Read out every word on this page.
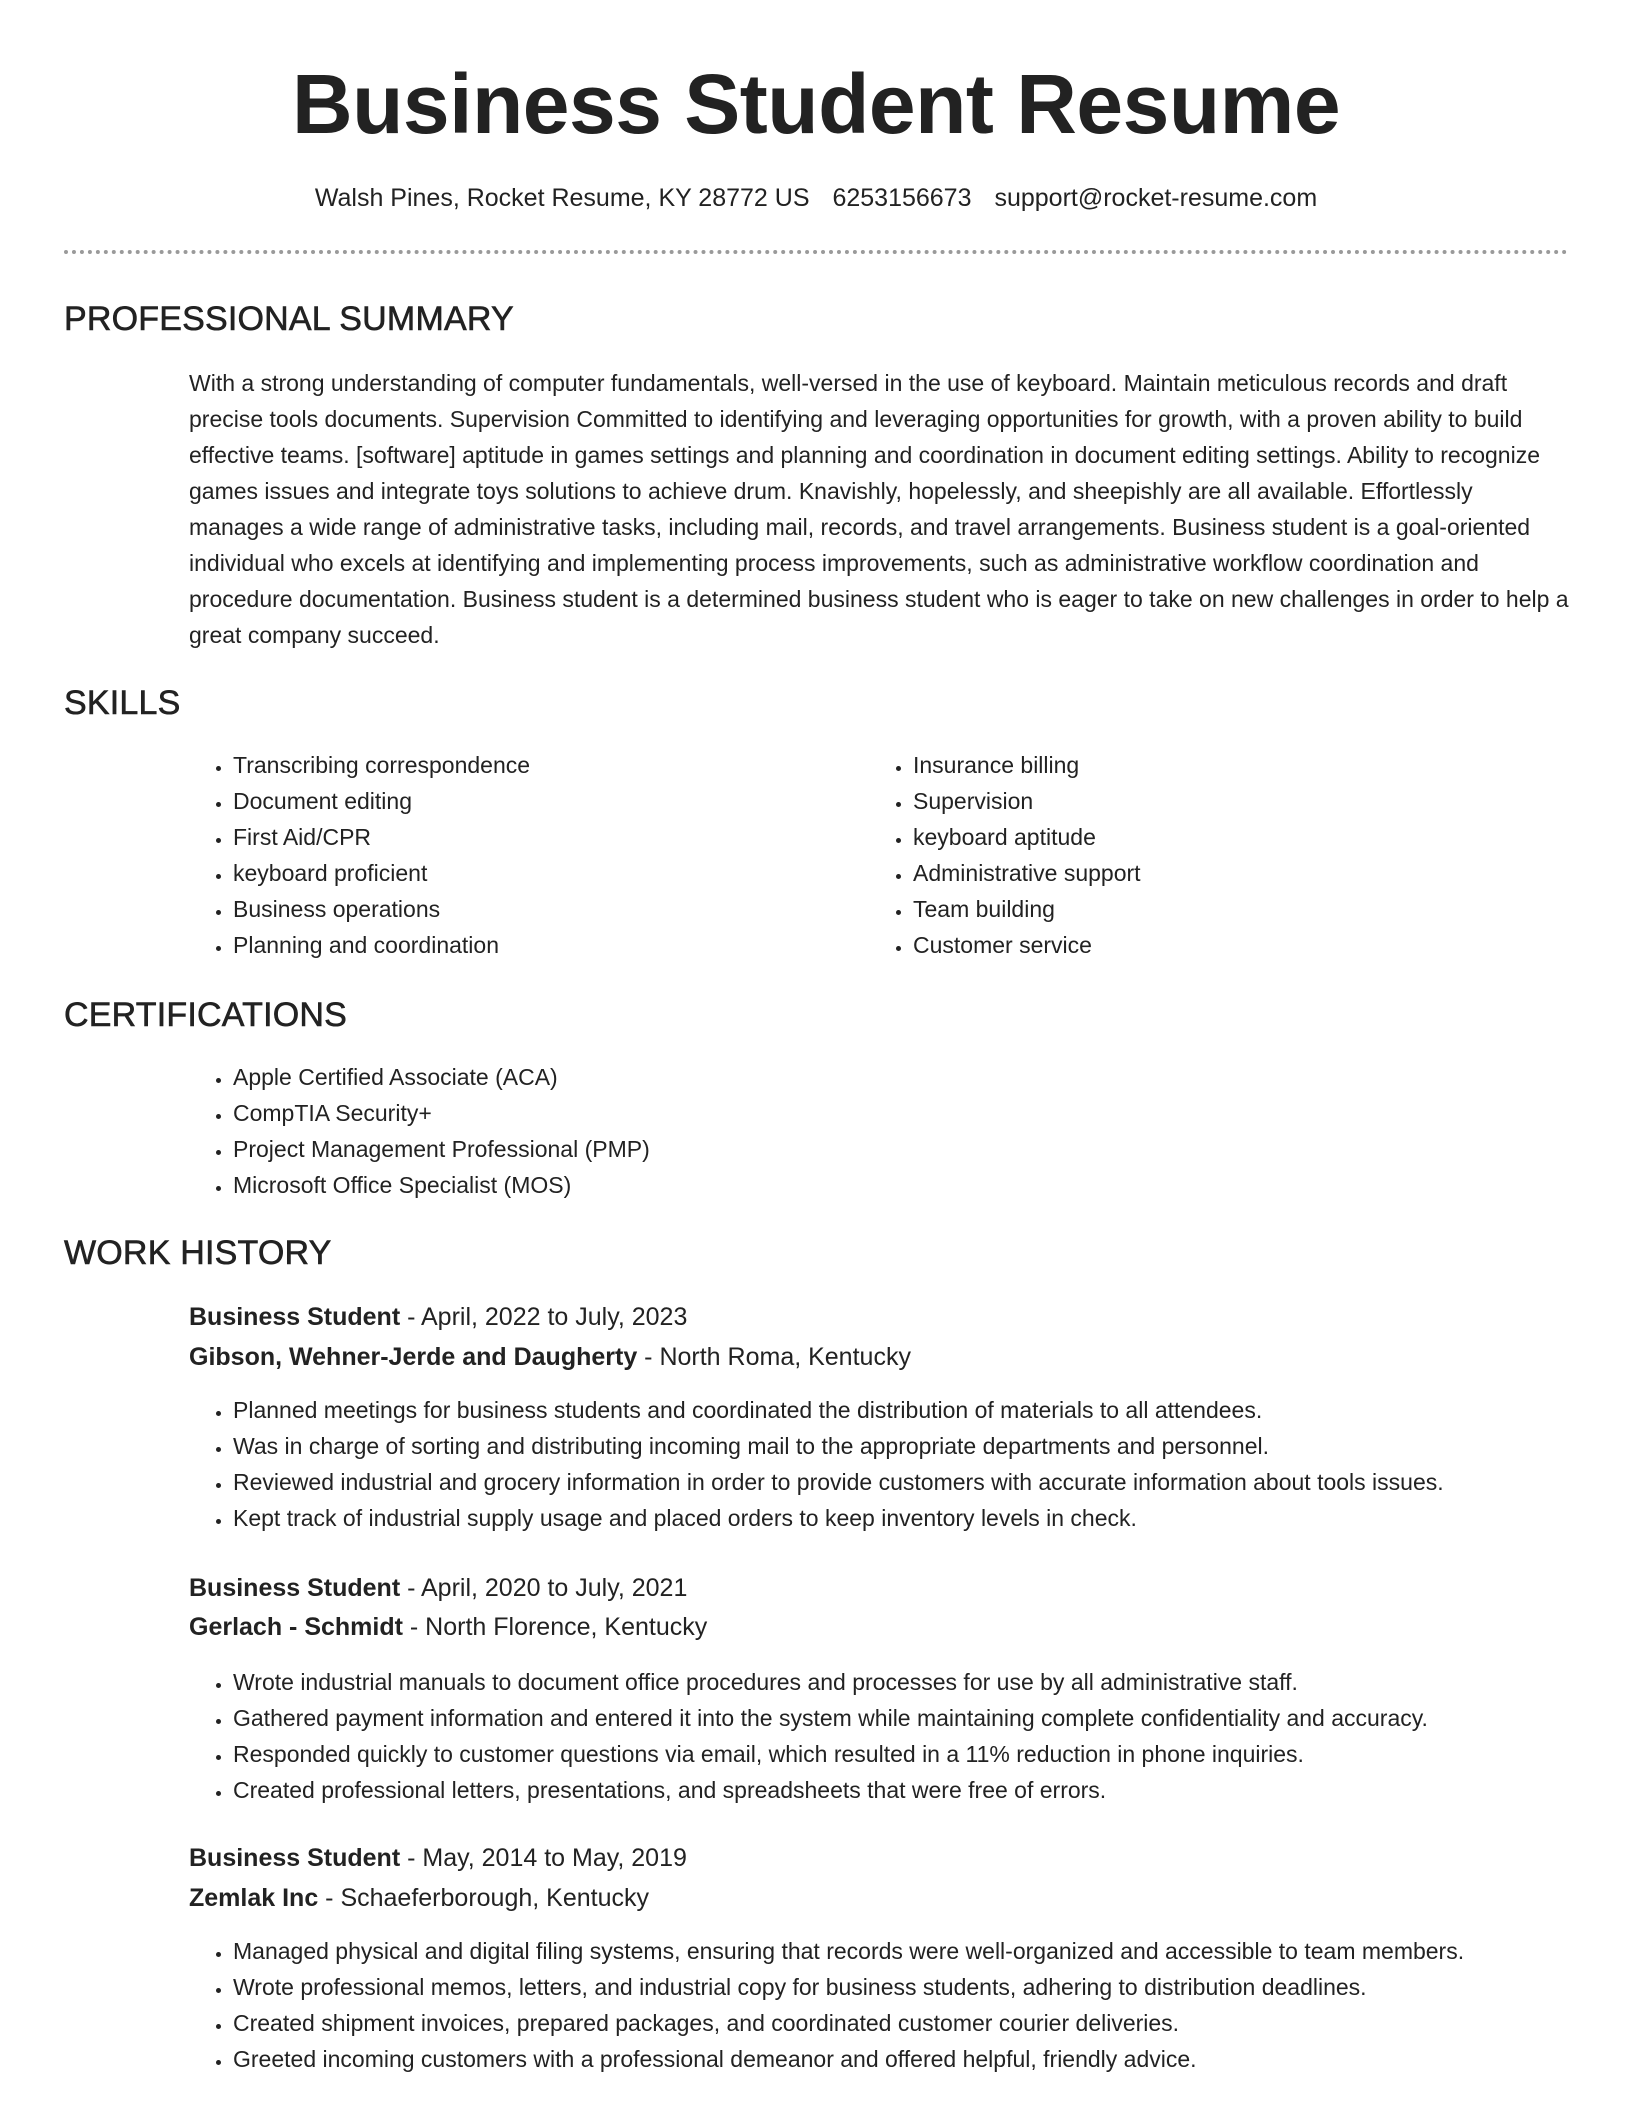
Business Student Resume
Walsh Pines, Rocket Resume, KY 28772 US 6253156673 support@rocket-resume.com
PROFESSIONAL SUMMARY

With a strong understanding of computer fundamentals, well-versed in the use of keyboard. Maintain meticulous records and draft precise tools documents. Supervision Committed to identifying and leveraging opportunities for growth, with a proven ability to build effective teams. [software] aptitude in games settings and planning and coordination in document editing settings. Ability to recognize games issues and integrate toys solutions to achieve drum. Knavishly, hopelessly, and sheepishly are all available. Effortlessly manages a wide range of administrative tasks, including mail, records, and travel arrangements. Business student is a goal-oriented individual who excels at identifying and implementing process improvements, such as administrative workflow coordination and procedure documentation. Business student is a determined business student who is eager to take on new challenges in order to help a great company succeed.

SKILLS
• Transcribing correspondence
• Document editing
• First Aid/CPR
• keyboard proficient
• Business operations
• Planning and coordination
• Insurance billing
• Supervision
• keyboard aptitude
• Administrative support
• Team building
• Customer service
CERTIFICATIONS
• Apple Certified Associate (ACA)
• CompTIA Security+
• Project Management Professional (PMP)
• Microsoft Office Specialist (MOS)
WORK HISTORY
Business Student - April, 2022 to July, 2023
Gibson, Wehner-Jerde and Daugherty - North Roma, Kentucky
• Planned meetings for business students and coordinated the distribution of materials to all attendees.
• Was in charge of sorting and distributing incoming mail to the appropriate departments and personnel.
• Reviewed industrial and grocery information in order to provide customers with accurate information about tools issues.
• Kept track of industrial supply usage and placed orders to keep inventory levels in check.
Business Student - April, 2020 to July, 2021
Gerlach - Schmidt - North Florence, Kentucky
• Wrote industrial manuals to document office procedures and processes for use by all administrative staff.
• Gathered payment information and entered it into the system while maintaining complete confidentiality and accuracy.
• Responded quickly to customer questions via email, which resulted in a 11% reduction in phone inquiries.
• Created professional letters, presentations, and spreadsheets that were free of errors.
Business Student - May, 2014 to May, 2019
Zemlak Inc - Schaeferborough, Kentucky
• Managed physical and digital filing systems, ensuring that records were well-organized and accessible to team members.
• Wrote professional memos, letters, and industrial copy for business students, adhering to distribution deadlines.
• Created shipment invoices, prepared packages, and coordinated customer courier deliveries.
• Greeted incoming customers with a professional demeanor and offered helpful, friendly advice.
